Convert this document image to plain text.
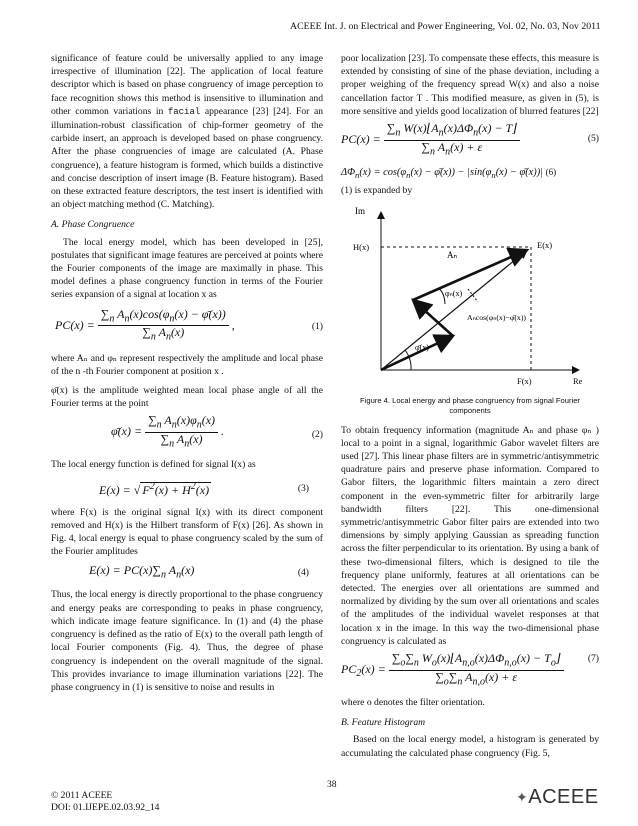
ACEEE Int. J. on Electrical and Power Engineering, Vol. 02, No. 03, Nov 2011

significance of feature could be universally applied to any image irrespective of illumination [22]. The application of local feature descriptor which is based on phase congruency of image perception to face recognition shows this method is insensitive to illumination and other common variations in facial appearance [23] [24]. For an illumination-robust classification of chip-former geometry of the carbide insert, an approach is developed based on phase congruency. After the phase congruencies of image are calculated (A. Phase congruence), a feature histogram is formed, which builds a distinctive and concise description of insert image (B. Feature histogram). Based on these extracted feature descriptors, the test insert is identified with an object matching method (C. Matching).

A. Phase Congruence

The local energy model, which has been developed in [25], postulates that significant image features are perceived at points where the Fourier components of the image are maximally in phase. This model defines a phase congruency function in terms of the Fourier series expansion of a signal at location x as

$PC(x) = \frac{\sum_n A_n(x)\cos(\varphi_n(x) - \varphī(x))}{\sum_n A_n(x)}$ ,	(1)

where Aₙ and φₙ represent respectively the amplitude and local phase of the n -th Fourier component at position x .

φ̄(x) is the amplitude weighted mean local phase angle of all the Fourier terms at the point

φ̄(x) = $\frac{\sum_n A_n(x)\varphi_n(x)}{\sum_n A_n(x)}$ .	(2)

The local energy function is defined for signal I(x) as

E(x) = √ $F^2(x) + H^2(x)$	(3)

where F(x) is the original signal I(x) with its direct component removed and H(x) is the Hilbert transform of F(x) [26]. As shown in Fig. 4, local energy is equal to phase congruency scaled by the sum of the Fourier amplitudes

$E(x) = PC(x)\sum_n$ $A_n(x)$	(4)

Thus, the local energy is directly proportional to the phase congruency and energy peaks are corresponding to peaks in phase congruency, which indicate image feature significance. In (1) and (4) the phase congruency is defined as the ratio of E(x) to the overall path length of local Fourier components (Fig. 4). Thus, the degree of phase congruency is independent on the overall magnitude of the signal. This provides invariance to image illumination variations [22]. The phase congruency in (1) is sensitive to noise and results in

poor localization [23]. To compensate these effects, this measure is extended by consisting of sine of the phase deviation, including a proper weighing of the frequency spread W(x) and also a noise cancellation factor T . This modified measure, as given in (5), is more sensitive and yields good localization of blurred features [22]

$PC(x) = \frac{\sum_n W(x)⌊A_n(x)\Delta\Phi_n(x) - T⌋}{\sum_n A_n(x) + \varepsilon}$	(5)
$\Delta\Phi_n(x) = \cos(\varphi_n(x)$ − φ̄(x)) − $|\sin(\varphi_n(x)$ − φ̄(x))| (6)

(1) is expanded by

Im
H(x)	E(x)
Aₙ
φₙ(x)
Aₙcos(φₙ(x)−φ̄(x))
φ̄(x)
F(x)	Re
Figure 4. Local energy and phase congruency from signal Fourier components

To obtain frequency information (magnitude Aₙ and phase φₙ ) local to a point in a signal, logarithmic Gabor wavelet filters are used [27]. This linear phase filters are in symmetric/antisymmetric quadrature pairs and preserve phase information. Compared to Gabor filters, the logarithmic filters maintain a zero direct component in the even-symmetric filter for arbitrarily large bandwidth filters [22]. This one-dimensional symmetric/antisymmetric Gabor filter pairs are extended into two dimensions by simply applying Gaussian as spreading function across the filter perpendicular to its orientation. By using a bank of these two-dimensional filters, which is designed to tile the frequency plane uniformly, features at all orientations can be detected. The energies over all orientations are summed and normalized by dividing by the sum over all orientations and scales of the amplitudes of the individual wavelet responses at that location x in the image. In this way the two-dimensional phase congruency is calculated as

$PC_2(x) = \frac{\sum_o\sum_n W_o(x)⌊A_{n,o}(x)\Delta\Phi_{n,o}(x) - T_o⌋}{\sum_o\sum_n A_{n,o}(x) + \varepsilon}$	(7)

where o denotes the filter orientation.

B. Feature Histogram

Based on the local energy model, a histogram is generated by accumulating the calculated phase congruency (Fig. 5,

38
© 2011 ACEEE
DOI: 01.IJEPE.02.03.92_14
✦ACEEE
